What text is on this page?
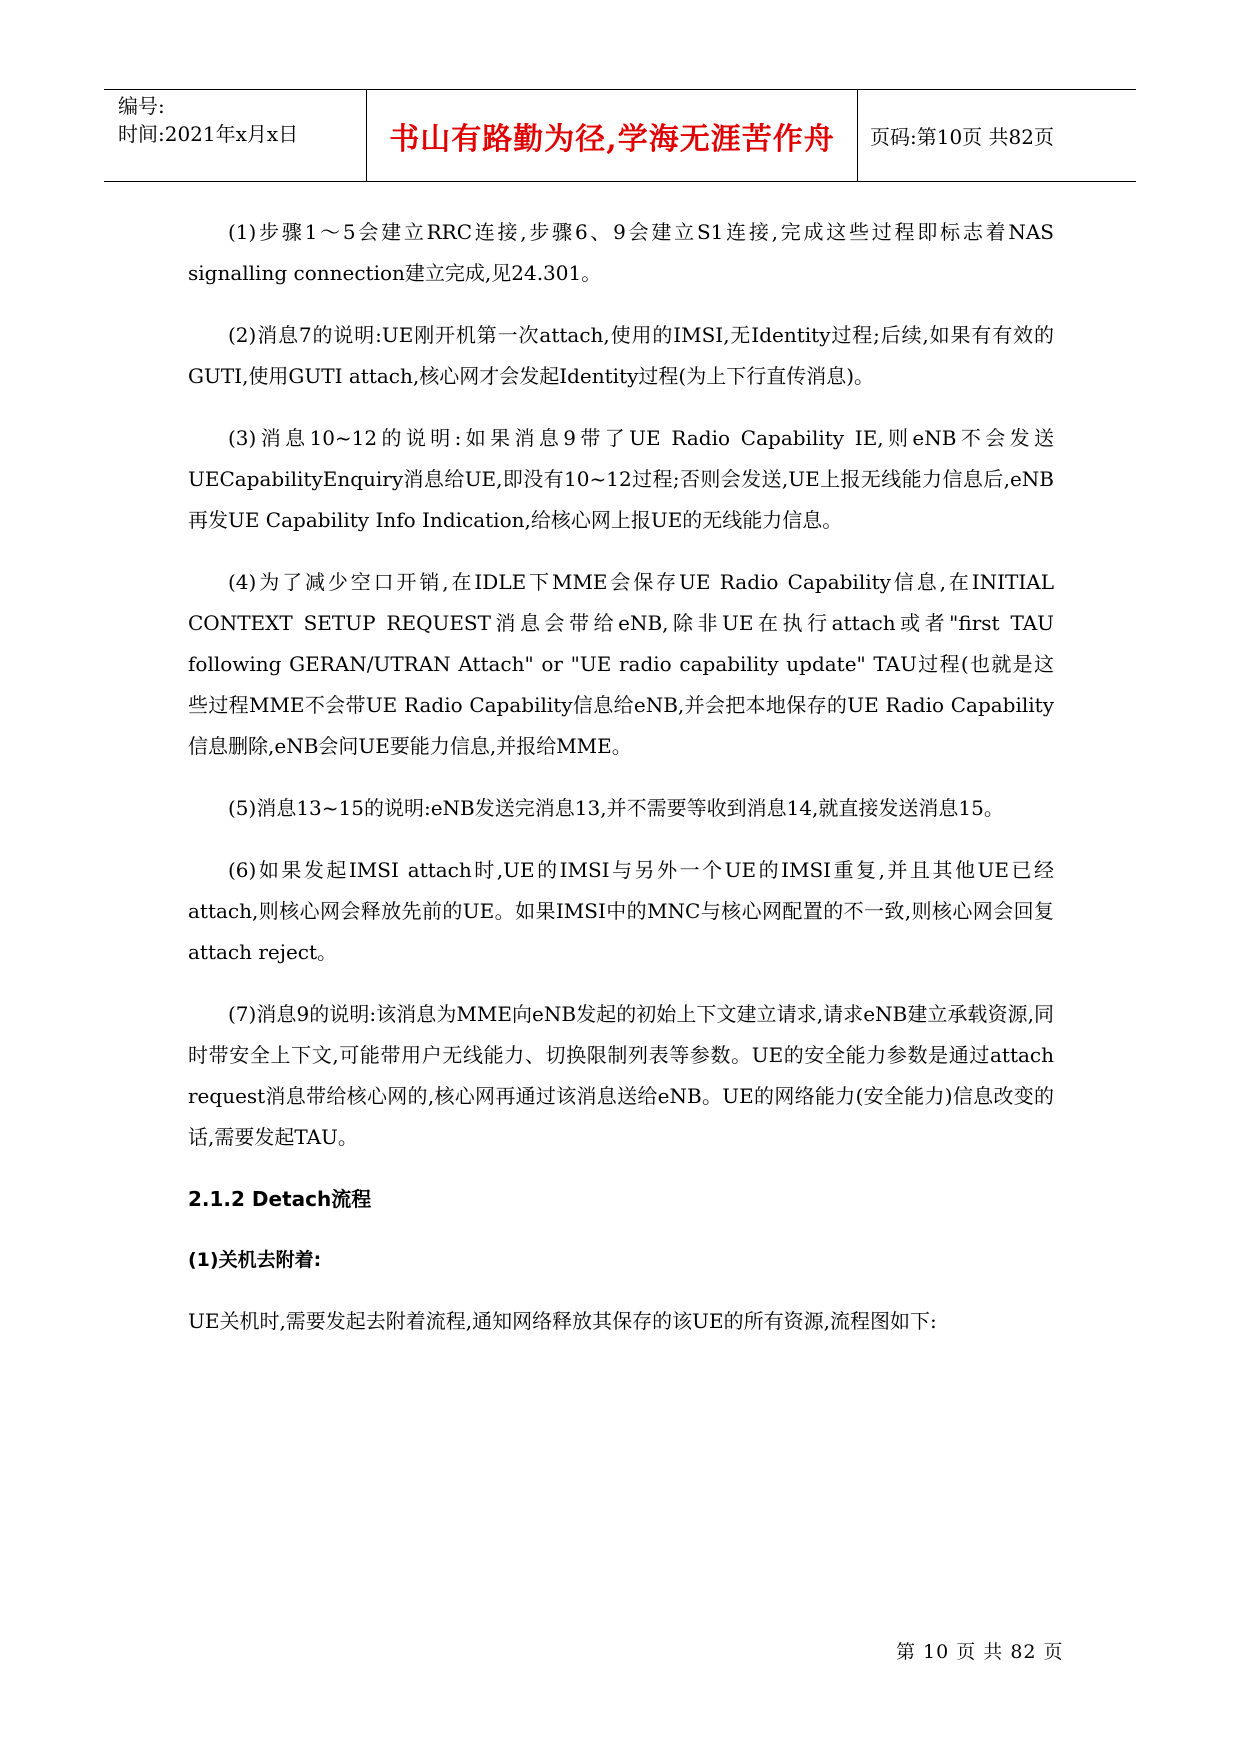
编号:
时间:2021年x月x日	书山有路勤为径,学海无涯苦作舟 页码:第10页 共82页

(1)步骤1～5会建立RRC连接,步骤6、9会建立S1连接,完成这些过程即标志着NAS signalling connection建立完成,见24.301。

(2)消息7的说明:UE刚开机第一次attach,使用的IMSI,无Identity过程;后续,如果有有效的GUTI,使用GUTI attach,核心网才会发起Identity过程(为上下行直传消息)。

(3)消息10~12的说明:如果消息9带了UE Radio Capability IE,则eNB不会发送UECapabilityEnquiry消息给UE,即没有10~12过程;否则会发送,UE上报无线能力信息后,eNB再发UE Capability Info Indication,给核心网上报UE的无线能力信息。

(4)为了减少空口开销,在IDLE下MME会保存UE Radio Capability信息,在INITIAL CONTEXT SETUP REQUEST消息会带给eNB,除非UE在执行attach或者"first TAU following GERAN/UTRAN Attach" or "UE radio capability update" TAU过程(也就是这些过程MME不会带UE Radio Capability信息给eNB,并会把本地保存的UE Radio Capability信息删除,eNB会问UE要能力信息,并报给MME。

(5)消息13~15的说明:eNB发送完消息13,并不需要等收到消息14,就直接发送消息15。

(6)如果发起IMSI attach时,UE的IMSI与另外一个UE的IMSI重复,并且其他UE已经attach,则核心网会释放先前的UE。如果IMSI中的MNC与核心网配置的不一致,则核心网会回复attach reject。

(7)消息9的说明:该消息为MME向eNB发起的初始上下文建立请求,请求eNB建立承载资源,同时带安全上下文,可能带用户无线能力、切换限制列表等参数。UE的安全能力参数是通过attach request消息带给核心网的,核心网再通过该消息送给eNB。UE的网络能力(安全能力)信息改变的话,需要发起TAU。

2.1.2 Detach流程
(1)关机去附着:

UE关机时,需要发起去附着流程,通知网络释放其保存的该UE的所有资源,流程图如下:

第 10 页 共 82 页
